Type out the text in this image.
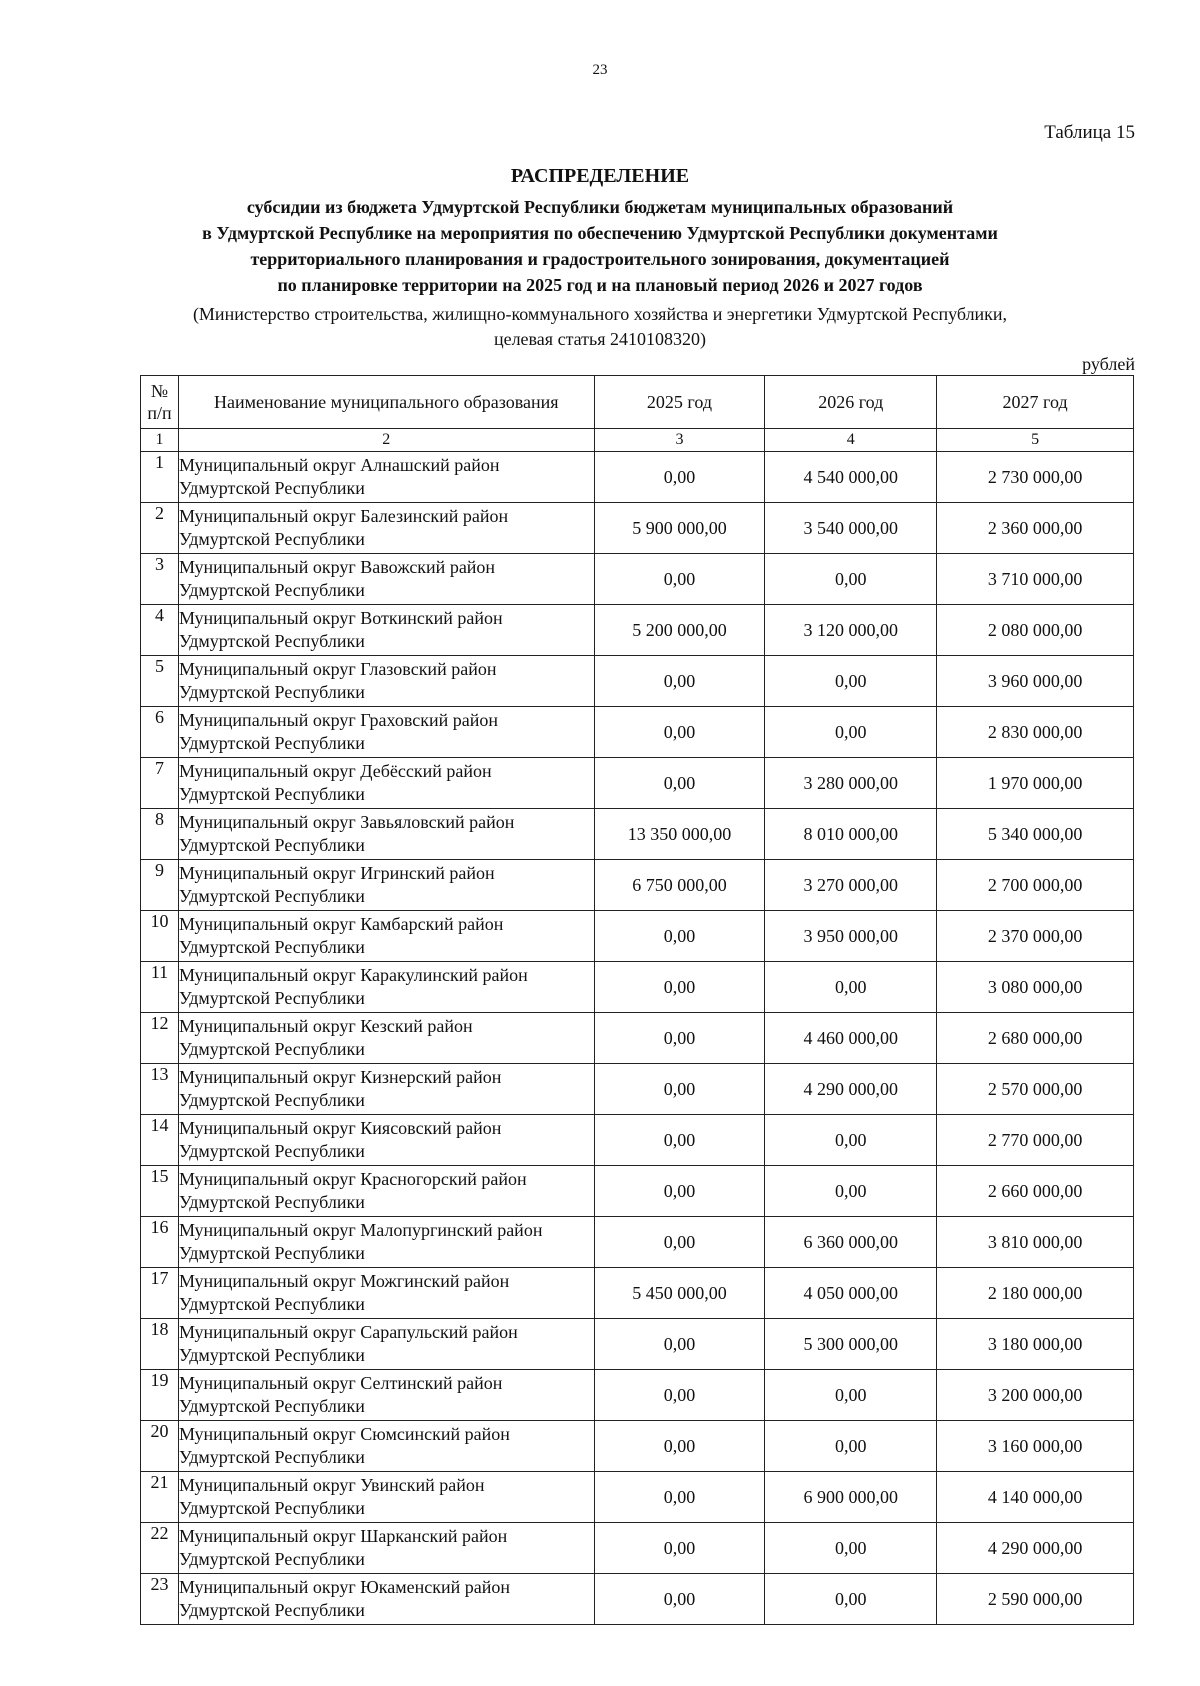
23
Таблица 15
РАСПРЕДЕЛЕНИЕ
субсидии из бюджета Удмуртской Республики бюджетам муниципальных образований
в Удмуртской Республике на мероприятия по обеспечению Удмуртской Республики документами
территориального планирования и градостроительного зонирования, документацией
по планировке территории на 2025 год и на плановый период 2026 и 2027 годов
(Министерство строительства, жилищно-коммунального хозяйства и энергетики Удмуртской Республики,
целевая статья 2410108320)
рублей
№
п/п	Наименование муниципального образования	2025 год	2026 год	2027 год
1	2	3	4	5
1	Муниципальный округ Алнашский район
Удмуртской Республики	0,00	4 540 000,00	2 730 000,00
2	Муниципальный округ Балезинский район
Удмуртской Республики	5 900 000,00	3 540 000,00	2 360 000,00
3	Муниципальный округ Вавожский район
Удмуртской Республики	0,00	0,00	3 710 000,00
4	Муниципальный округ Воткинский район
Удмуртской Республики	5 200 000,00	3 120 000,00	2 080 000,00
5	Муниципальный округ Глазовский район
Удмуртской Республики	0,00	0,00	3 960 000,00
6	Муниципальный округ Граховский район
Удмуртской Республики	0,00	0,00	2 830 000,00
7	Муниципальный округ Дебёсский район
Удмуртской Республики	0,00	3 280 000,00	1 970 000,00
8	Муниципальный округ Завьяловский район
Удмуртской Республики	13 350 000,00	8 010 000,00	5 340 000,00
9	Муниципальный округ Игринский район
Удмуртской Республики	6 750 000,00	3 270 000,00	2 700 000,00
10	Муниципальный округ Камбарский район
Удмуртской Республики	0,00	3 950 000,00	2 370 000,00
11	Муниципальный округ Каракулинский район
Удмуртской Республики	0,00	0,00	3 080 000,00
12	Муниципальный округ Кезский район
Удмуртской Республики	0,00	4 460 000,00	2 680 000,00
13	Муниципальный округ Кизнерский район
Удмуртской Республики	0,00	4 290 000,00	2 570 000,00
14	Муниципальный округ Киясовский район
Удмуртской Республики	0,00	0,00	2 770 000,00
15	Муниципальный округ Красногорский район
Удмуртской Республики	0,00	0,00	2 660 000,00
16	Муниципальный округ Малопургинский район
Удмуртской Республики	0,00	6 360 000,00	3 810 000,00
17	Муниципальный округ Можгинский район
Удмуртской Республики	5 450 000,00	4 050 000,00	2 180 000,00
18	Муниципальный округ Сарапульский район
Удмуртской Республики	0,00	5 300 000,00	3 180 000,00
19	Муниципальный округ Селтинский район
Удмуртской Республики	0,00	0,00	3 200 000,00
20	Муниципальный округ Сюмсинский район
Удмуртской Республики	0,00	0,00	3 160 000,00
21	Муниципальный округ Увинский район
Удмуртской Республики	0,00	6 900 000,00	4 140 000,00
22	Муниципальный округ Шарканский район
Удмуртской Республики	0,00	0,00	4 290 000,00
23	Муниципальный округ Юкаменский район
Удмуртской Республики	0,00	0,00	2 590 000,00
